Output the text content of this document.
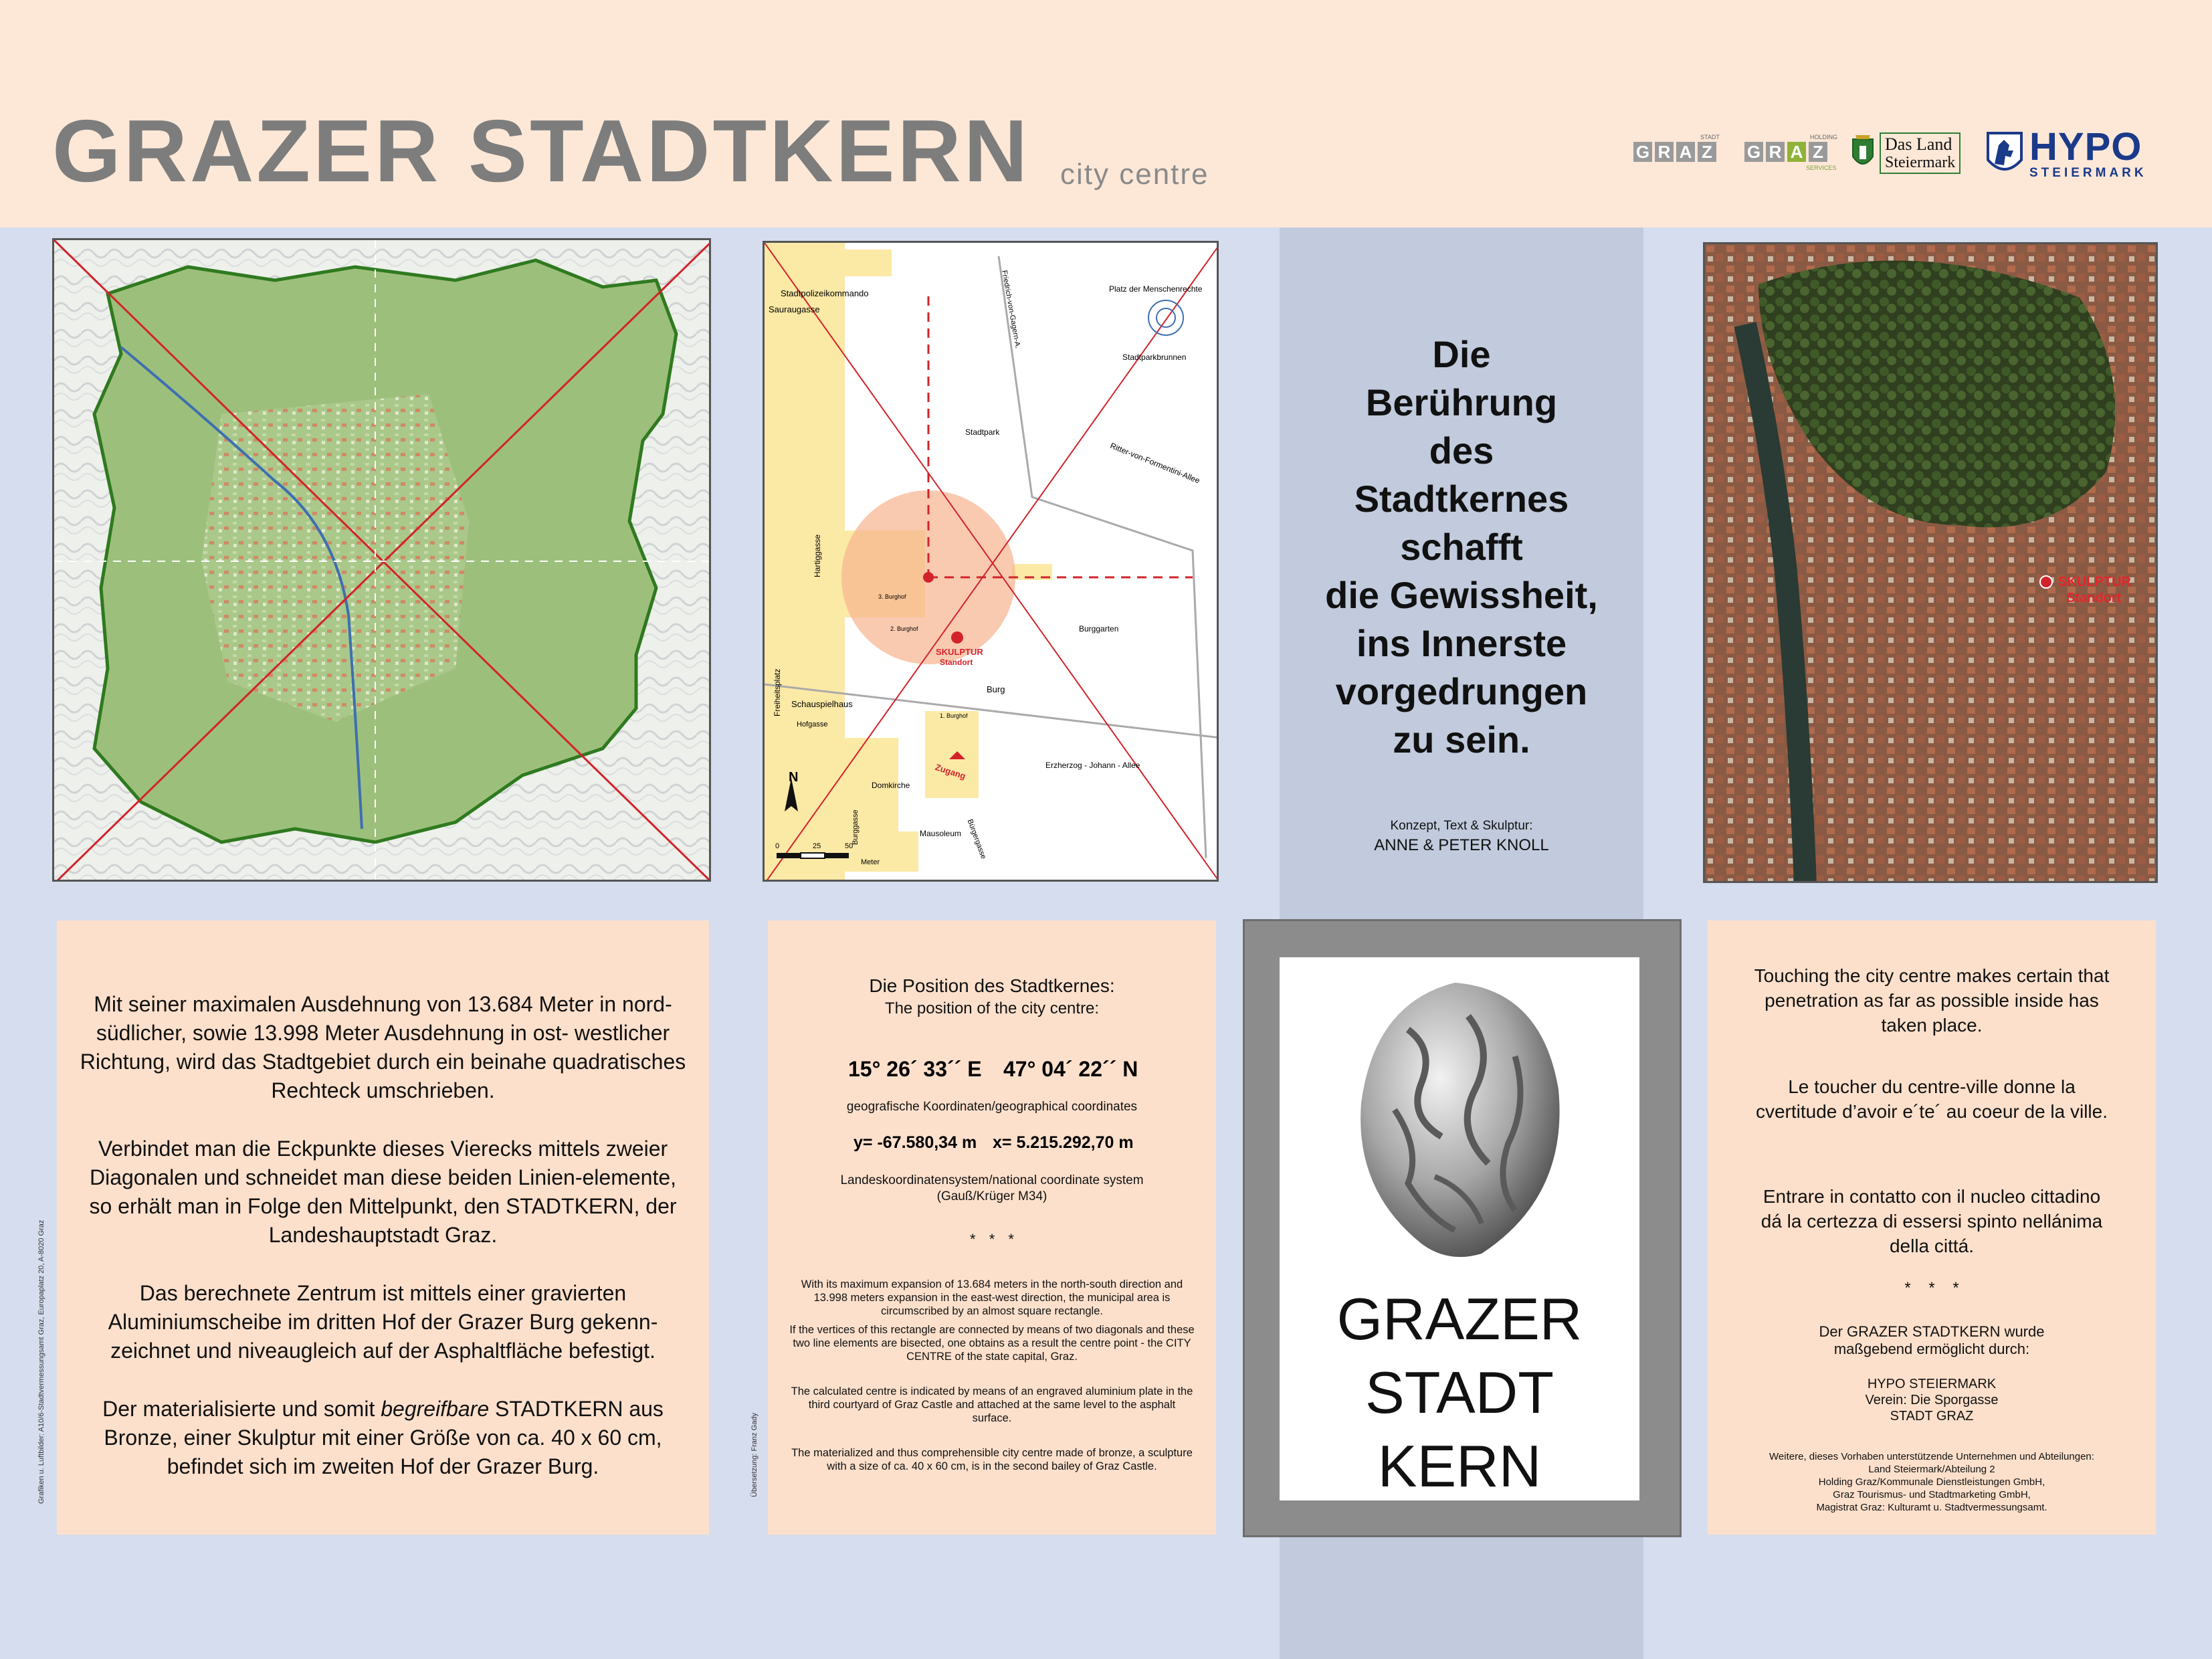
GRAZER STADTKERN city centre
G R A Z
STADT
G R A Z
HOLDING
SERVICES
Das Land
Steiermark HYPO
STEIERMARK
Stadtpolizeikommando
Sauraugasse
Platz der Menschenrechte
Stadtparkbrunnen
Stadtpark
Friedrich-von-Gagern-A.
Ritter-von-Formentini-Allee
Burggarten
Hartiggasse
Freiheitsplatz
3. Burghof
2. Burghof
1. Burghof
SKULPTUR
Standort
Schauspielhaus
Hofgasse
Burg
Zugang	Erzherzog - Johann - Allee
Domkirche
Mausoleum Bürgergasse
Burggasse
N
0	25	50
Meter
Die
Berührung
des
Stadtkernes
schafft
die Gewissheit,
ins Innerste
vorgedrungen
zu sein.
Konzept, Text & Skulptur:
ANNE & PETER KNOLL
SKULPTUR
Standort

Mit seiner maximalen Ausdehnung von 13.684 Meter in nord-südlicher, sowie 13.998 Meter Ausdehnung in ost- westlicher Richtung, wird das Stadtgebiet durch ein beinahe quadratisches Rechteck umschrieben.

Verbindet man die Eckpunkte dieses Vierecks mittels zweier Diagonalen und schneidet man diese beiden Linien-elemente, so erhält man in Folge den Mittelpunkt, den STADTKERN, der Landeshauptstadt Graz.

Das berechnete Zentrum ist mittels einer gravierten Aluminiumscheibe im dritten Hof der Grazer Burg gekenn-zeichnet und niveaugleich auf der Asphaltfläche befestigt.

Der materialisierte und somit begreifbare STADTKERN aus Bronze, einer Skulptur mit einer Größe von ca. 40 x 60 cm, befindet sich im zweiten Hof der Grazer Burg.

Grafiken u. Luftbilder: A10/6-Stadtvermessungsamt Graz, Europaplatz 20, A-8020 Graz
Die Position des Stadtkernes:
The position of the city centre:
15° 26´ 33´´ E 47° 04´ 22´´ N
geografische Koordinaten/geographical coordinates
y= -67.580,34 m x= 5.215.292,70 m
Landeskoordinatensystem/national coordinate system
(Gauß/Krüger M34)
* * *

With its maximum expansion of 13.684 meters in the north-south direction and 13.998 meters expansion in the east-west direction, the municipal area is circumscribed by an almost square rectangle.

If the vertices of this rectangle are connected by means of two diagonals and these two line elements are bisected, one obtains as a result the centre point - the CITY CENTRE of the state capital, Graz.

The calculated centre is indicated by means of an engraved aluminium plate in the third courtyard of Graz Castle and attached at the same level to the asphalt surface.

The materialized and thus comprehensible city centre made of bronze, a sculpture with a size of ca. 40 x 60 cm, is in the second bailey of Graz Castle.

Übersetzung: Franz Gady
GRAZER
STADT
KERN
Touching the city centre makes certain that penetration as far as possible inside has taken place.
Le toucher du centre-ville donne la cvertitude d’avoir e´te´ au coeur de la ville.
Entrare in contatto con il nucleo cittadino dá la certezza di essersi spinto nellánima della cittá.
* * *
Der GRAZER STADTKERN wurde
maßgebend ermöglicht durch:
HYPO STEIERMARK
Verein: Die Sporgasse
STADT GRAZ
Weitere, dieses Vorhaben unterstützende Unternehmen und Abteilungen:
Land Steiermark/Abteilung 2
Holding Graz/Kommunale Dienstleistungen GmbH,
Graz Tourismus- und Stadtmarketing GmbH,
Magistrat Graz: Kulturamt u. Stadtvermessungsamt.
